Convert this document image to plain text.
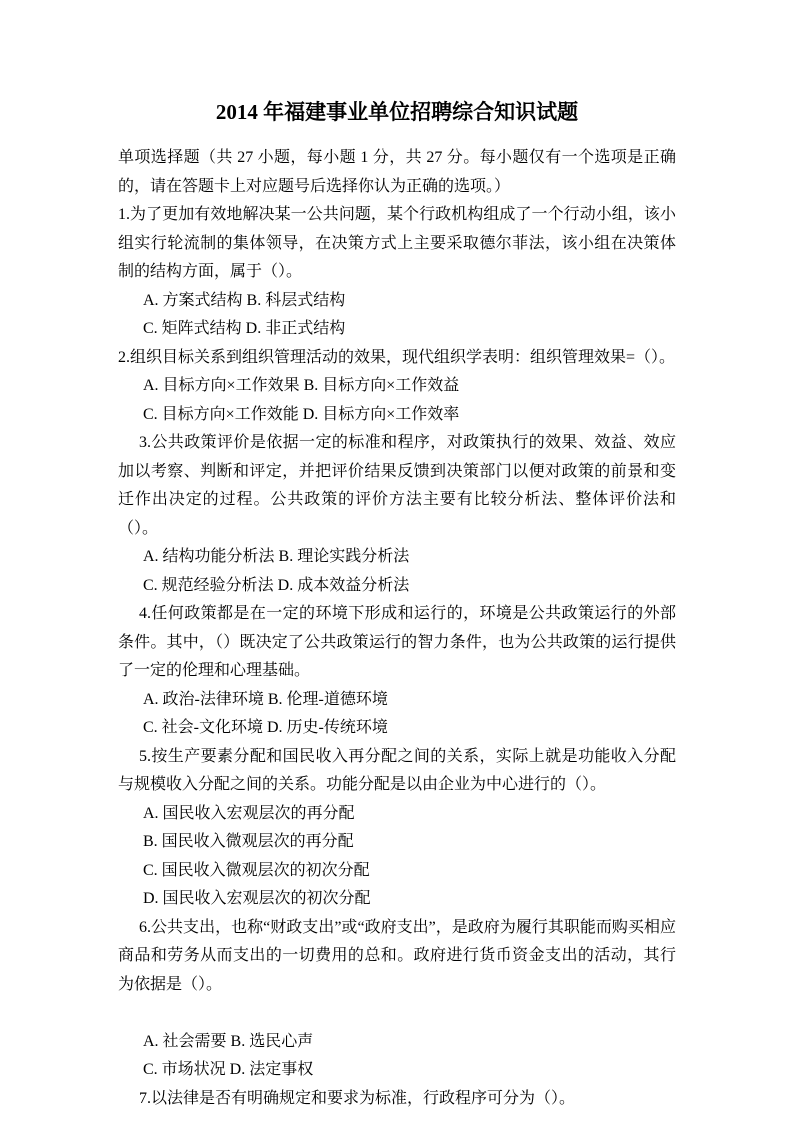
2014 年福建事业单位招聘综合知识试题

单项选择题（共 27 小题，每小题 1 分，共 27 分。每小题仅有一个选项是正确的，请在答题卡上对应题号后选择你认为正确的选项。）

1.为了更加有效地解决某一公共问题，某个行政机构组成了一个行动小组，该小组实行轮流制的集体领导，在决策方式上主要采取德尔菲法，该小组在决策体制的结构方面，属于（）。

A. 方案式结构 B. 科层式结构

C. 矩阵式结构 D. 非正式结构

2.组织目标关系到组织管理活动的效果，现代组织学表明：组织管理效果=（）。

A. 目标方向×工作效果 B. 目标方向×工作效益

C. 目标方向×工作效能 D. 目标方向×工作效率

3.公共政策评价是依据一定的标准和程序，对政策执行的效果、效益、效应加以考察、判断和评定，并把评价结果反馈到决策部门以便对政策的前景和变迁作出决定的过程。公共政策的评价方法主要有比较分析法、整体评价法和（）。

A. 结构功能分析法 B. 理论实践分析法

C. 规范经验分析法 D. 成本效益分析法

4.任何政策都是在一定的环境下形成和运行的，环境是公共政策运行的外部条件。其中，（）既决定了公共政策运行的智力条件，也为公共政策的运行提供了一定的伦理和心理基础。

A. 政治-法律环境 B. 伦理-道德环境

C. 社会-文化环境 D. 历史-传统环境

5.按生产要素分配和国民收入再分配之间的关系，实际上就是功能收入分配与规模收入分配之间的关系。功能分配是以由企业为中心进行的（）。

A. 国民收入宏观层次的再分配

B. 国民收入微观层次的再分配

C. 国民收入微观层次的初次分配

D. 国民收入宏观层次的初次分配

6.公共支出，也称“财政支出”或“政府支出”，是政府为履行其职能而购买相应商品和劳务从而支出的一切费用的总和。政府进行货币资金支出的活动，其行为依据是（）。

A. 社会需要 B. 选民心声

C. 市场状况 D. 法定事权

7.以法律是否有明确规定和要求为标准，行政程序可分为（）。
